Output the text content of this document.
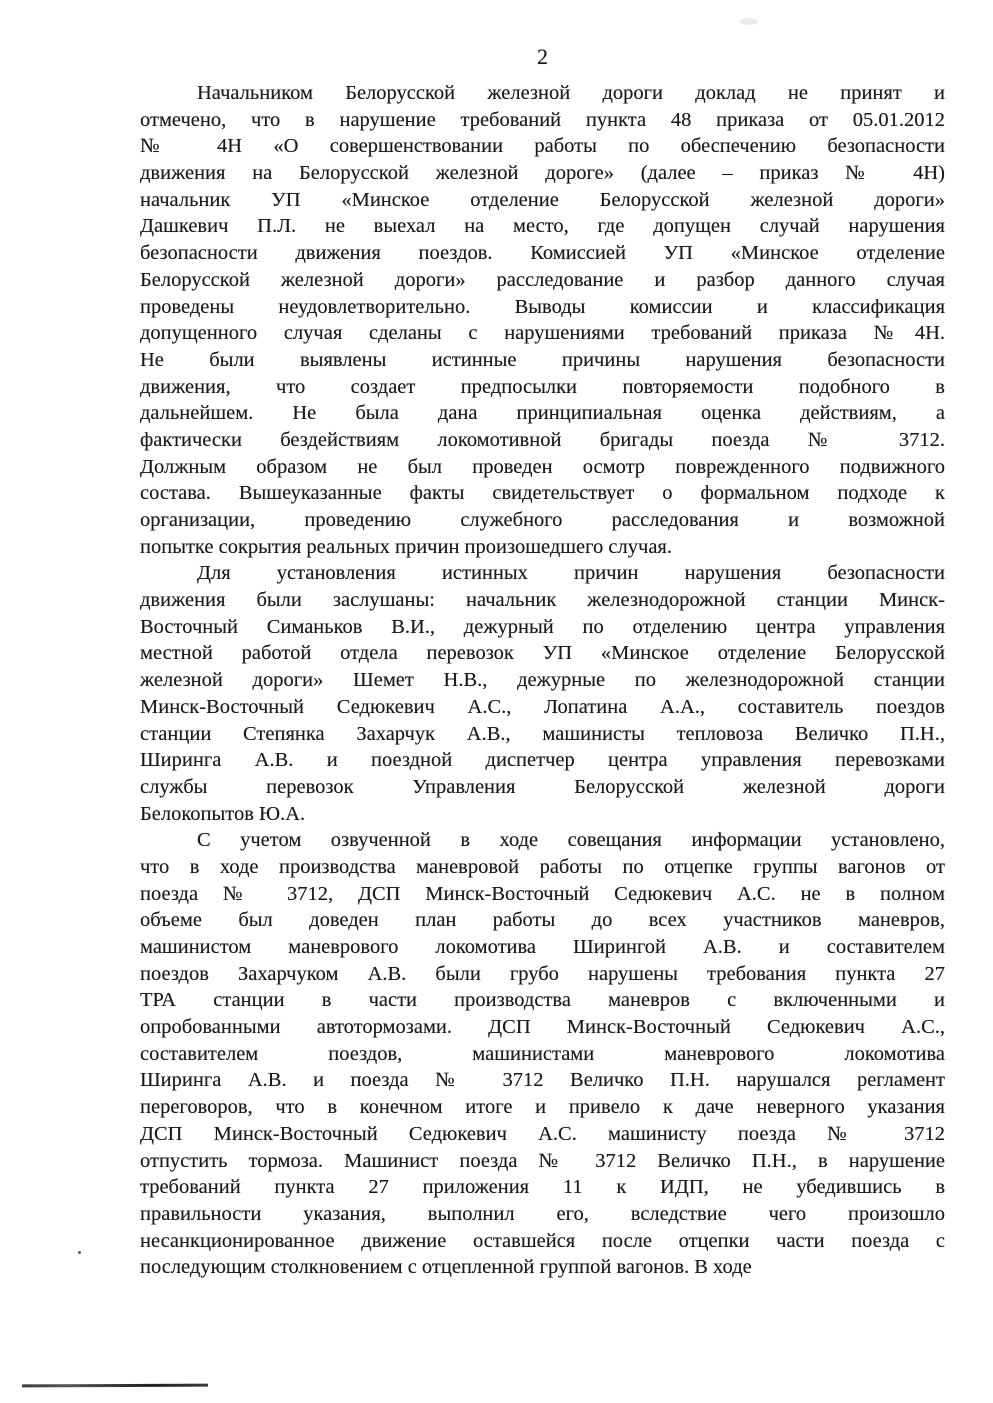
2
Начальником Белорусской железной дороги доклад не принят и
отмечено, что в нарушение требований пункта 48 приказа от 05.01.2012
№ 4Н «О совершенствовании работы по обеспечению безопасности
движения на Белорусской железной дороге» (далее – приказ № 4Н)
начальник УП «Минское отделение Белорусской железной дороги»
Дашкевич П.Л. не выехал на место, где допущен случай нарушения
безопасности движения поездов. Комиссией УП «Минское отделение
Белорусской железной дороги» расследование и разбор данного случая
проведены неудовлетворительно. Выводы комиссии и классификация
допущенного случая сделаны с нарушениями требований приказа №4Н.
Не были выявлены истинные причины нарушения безопасности
движения, что создает предпосылки повторяемости подобного в
дальнейшем. Не была дана принципиальная оценка действиям, а
фактически бездействиям локомотивной бригады поезда № 3712.
Должным образом не был проведен осмотр поврежденного подвижного
состава. Вышеуказанные факты свидетельствует о формальном подходе к
организации, проведению служебного расследования и возможной
попытке сокрытия реальных причин произошедшего случая.
Для установления истинных причин нарушения безопасности
движения были заслушаны: начальник железнодорожной станции Минск-
Восточный Симаньков В.И., дежурный по отделению центра управления
местной работой отдела перевозок УП «Минское отделение Белорусской
железной дороги» Шемет Н.В., дежурные по железнодорожной станции
Минск-Восточный Седюкевич А.С., Лопатина А.А., составитель поездов
станции Степянка Захарчук А.В., машинисты тепловоза Величко П.Н.,
Ширинга А.В. и поездной диспетчер центра управления перевозками
службы перевозок Управления Белорусской железной дороги
Белокопытов Ю.А.
С учетом озвученной в ходе совещания информации установлено,
что в ходе производства маневровой работы по отцепке группы вагонов от
поезда № 3712, ДСП Минск-Восточный Седюкевич А.С. не в полном
объеме был доведен план работы до всех участников маневров,
машинистом маневрового локомотива Ширингой А.В. и составителем
поездов Захарчуком А.В. были грубо нарушены требования пункта 27
ТРА станции в части производства маневров с включенными и
опробованными автотормозами. ДСП Минск-Восточный Седюкевич А.С.,
составителем поездов, машинистами маневрового локомотива
Ширинга А.В. и поезда № 3712 Величко П.Н. нарушался регламент
переговоров, что в конечном итоге и привело к даче неверного указания
ДСП Минск-Восточный Седюкевич А.С. машинисту поезда № 3712
отпустить тормоза. Машинист поезда № 3712 Величко П.Н., в нарушение
требований пункта 27 приложения 11 к ИДП, не убедившись в
правильности указания, выполнил его, вследствие чего произошло
несанкционированное движение оставшейся после отцепки части поезда с
последующим столкновением с отцепленной группой вагонов. В ходе
